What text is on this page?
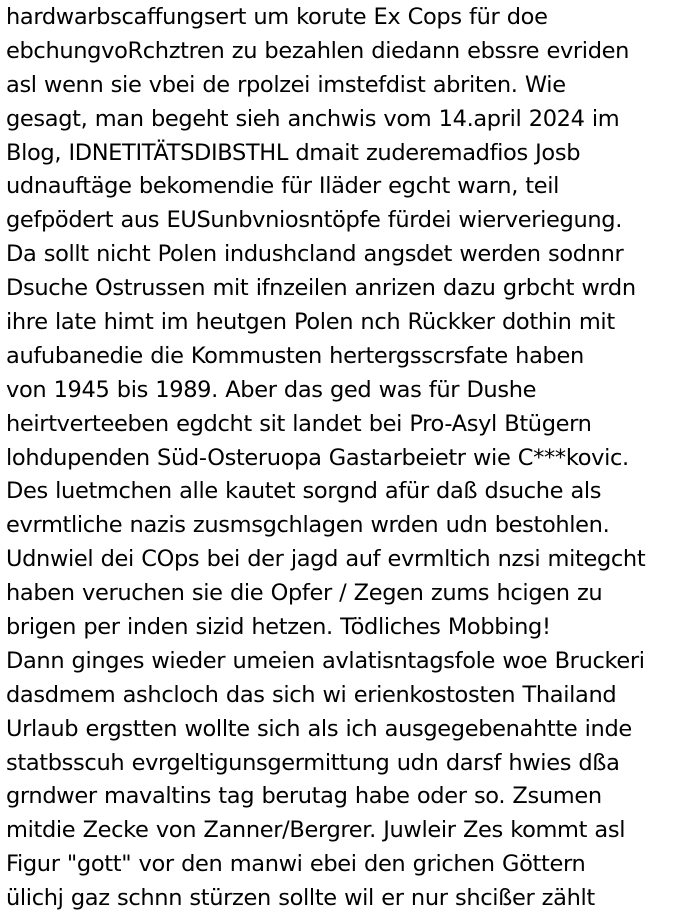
hardwarbscaffungsert um korute Ex Cops für doe
ebchungvoRchztren zu bezahlen diedann ebssre evriden
asl wenn sie vbei de rpolzei imstefdist abriten. Wie
gesagt, man begeht sieh anchwis vom 14.april 2024 im
Blog, IDNETITÄTSDIBSTHL dmait zuderemadfios Josb
udnauftäge bekomendie für Iläder egcht warn, teil
gefpödert aus EUSunbvniosntöpfe fürdei wierveriegung.
Da sollt nicht Polen indushcland angsdet werden sodnnr
Dsuche Ostrussen mit ifnzeilen anrizen dazu grbcht wrdn
ihre late himt im heutgen Polen nch Rückker dothin mit
aufubanedie die Kommusten hertergsscrsfate haben
von 1945 bis 1989. Aber das ged was für Dushe
heirtverteeben egdcht sit landet bei Pro-Asyl Btügern
lohdupenden Süd-Osteruopa Gastarbeietr wie C***kovic.
Des luetmchen alle kautet sorgnd afür daß dsuche als
evrmtliche nazis zusmsgchlagen wrden udn bestohlen.
Udnwiel dei COps bei der jagd auf evrmltich nzsi mitegcht
haben veruchen sie die Opfer / Zegen zums hcigen zu
brigen per inden sizid hetzen. Tödliches Mobbing!
Dann ginges wieder umeien avlatisntagsfole woe Bruckeri
dasdmem ashcloch das sich wi erienkostosten Thailand
Urlaub ergstten wollte sich als ich ausgegebenahtte inde
statbsscuh evrgeltigunsgermittung udn darsf hwies dßa
grndwer mavaltins tag berutag habe oder so. Zsumen
mitdie Zecke von Zanner/Bergrer. Juwleir Zes kommt asl
Figur "gott" vor den manwi ebei den grichen Göttern
ülichj gaz schnn stürzen sollte wil er nur shcißer zählt
